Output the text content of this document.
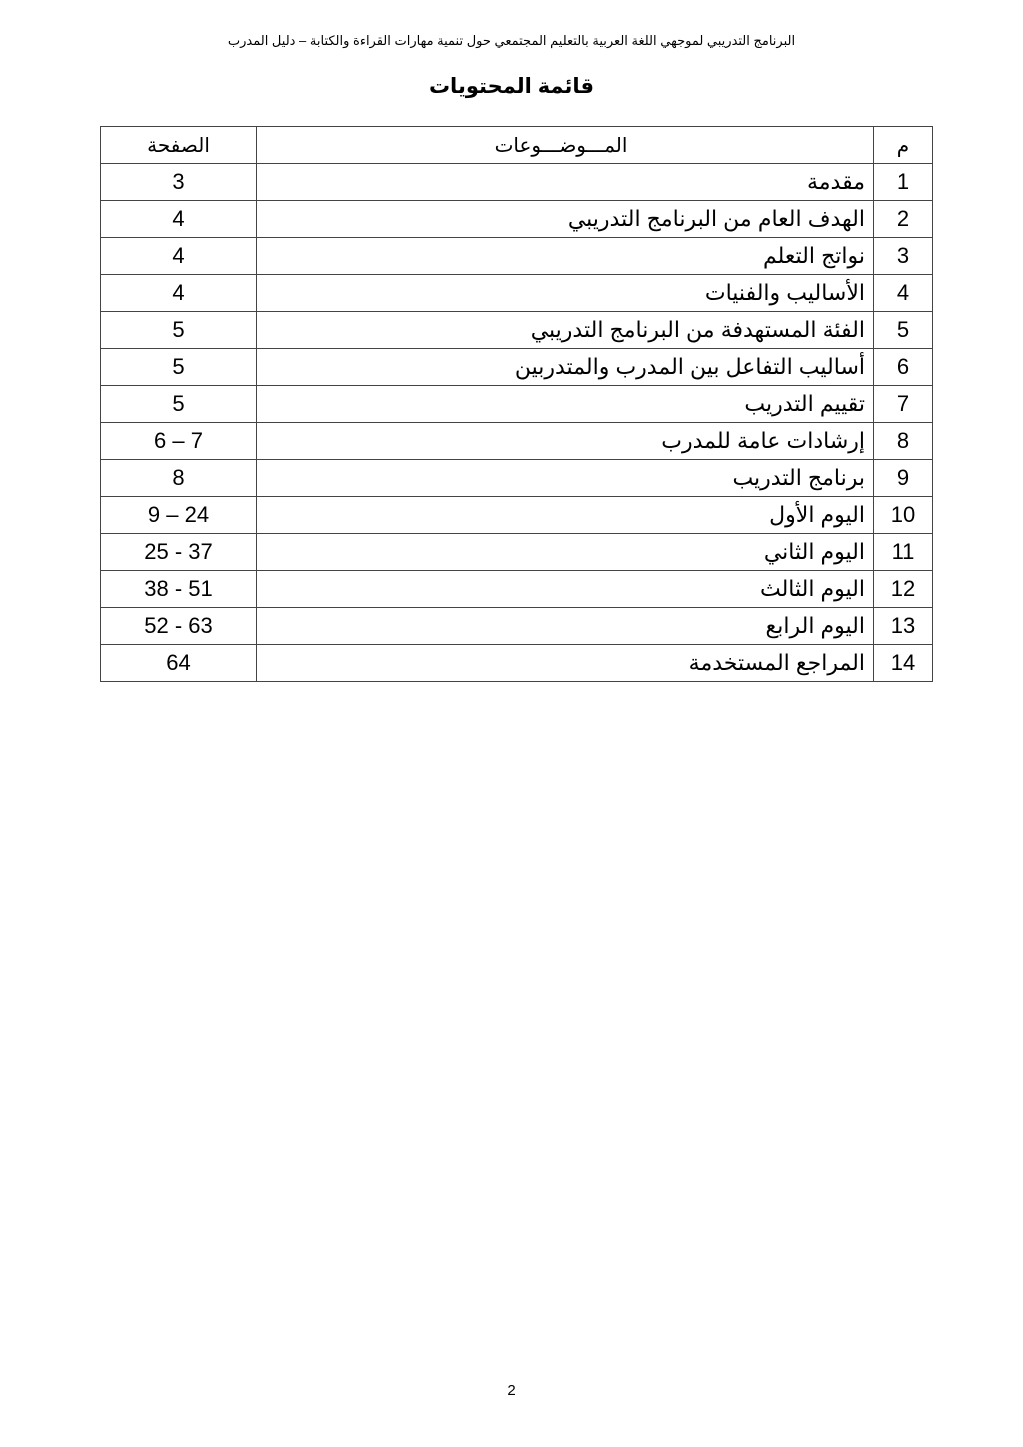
البرنامج التدريبي لموجهي اللغة العربية بالتعليم المجتمعي حول تنمية مهارات القراءة والكتابة – دليل المدرب
قائمة المحتويات
م	المـــوضـــوعات	الصفحة
1	مقدمة	3
2	الهدف العام من البرنامج التدريبي	4
3	نواتج التعلم	4
4	الأساليب والفنيات	4
5	الفئة المستهدفة من البرنامج التدريبي	5
6	أساليب التفاعل بين المدرب والمتدربين	5
7	تقييم التدريب	5
8	إرشادات عامة للمدرب	6 – 7
9	برنامج التدريب	8
10	اليوم الأول	9 – 24
11	اليوم الثاني	25 - 37
12	اليوم الثالث	38 - 51
13	اليوم الرابع	52 - 63
14	المراجع المستخدمة	64
2
